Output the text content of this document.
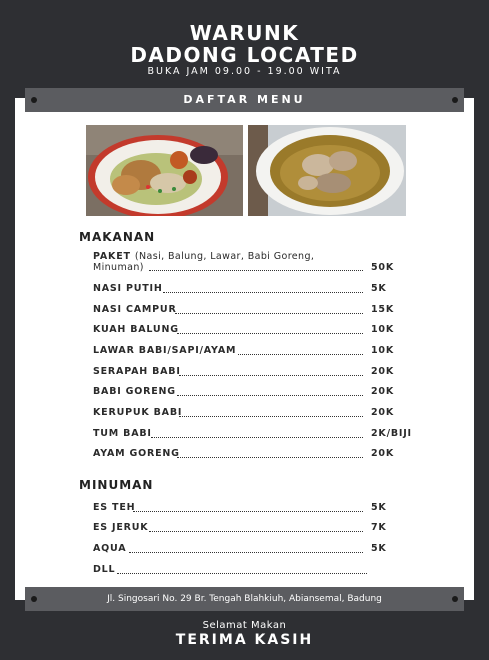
WARUNK
DADONG LOCATED
BUKA JAM 09.00 - 19.00 WITA
DAFTAR MENU
MAKANAN
PAKET (Nasi, Balung, Lawar, Babi Goreng,
Minuman)	50K
NASI PUTIH	5K
NASI CAMPUR	15K
KUAH BALUNG	10K
LAWAR BABI/SAPI/AYAM	10K
SERAPAH BABI	20K
BABI GORENG	20K
KERUPUK BABI	20K
TUM BABI	2K/BIJI
AYAM GORENG	20K
MINUMAN
ES TEH	5K
ES JERUK	7K
AQUA	5K
DLL
Jl. Singosari No. 29 Br. Tengah Blahkiuh, Abiansemal, Badung
Selamat Makan
TERIMA KASIH
